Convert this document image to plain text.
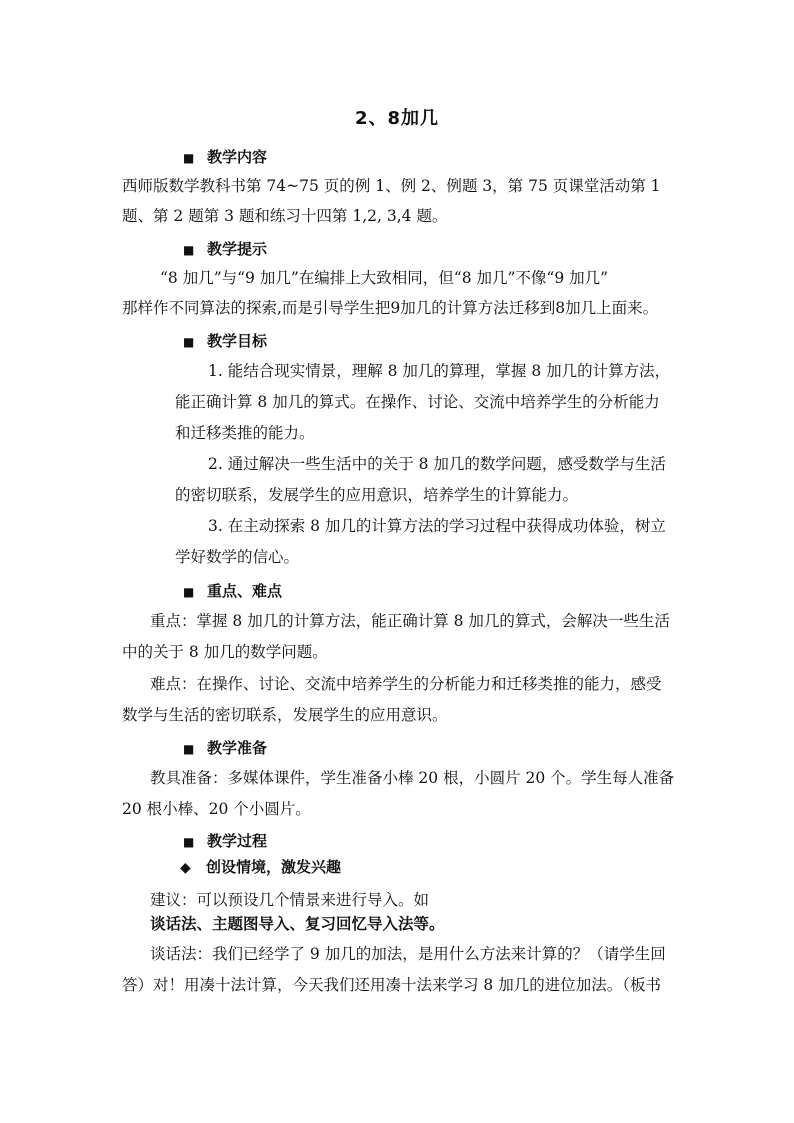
2、8加几
■ 教学内容
西师版数学教科书第 74~75 页的例 1、例 2、例题 3，第 75 页课堂活动第 1
题、第 2 题第 3 题和练习十四第 1,2, 3,4 题。
■ 教学提示
“8 加几”与“9 加几”在编排上大致相同，但“8 加几”不像“9 加几”
那样作不同算法的探索,而是引导学生把9加几的计算方法迁移到8加几上面来。
■ 教学目标
1. 能结合现实情景，理解 8 加几的算理，掌握 8 加几的计算方法，
能正确计算 8 加几的算式。在操作、讨论、交流中培养学生的分析能力
和迁移类推的能力。
2. 通过解决一些生活中的关于 8 加几的数学问题，感受数学与生活
的密切联系，发展学生的应用意识，培养学生的计算能力。
3. 在主动探索 8 加几的计算方法的学习过程中获得成功体验，树立
学好数学的信心。
■ 重点、难点
重点：掌握 8 加几的计算方法，能正确计算 8 加几的算式，会解决一些生活
中的关于 8 加几的数学问题。
难点：在操作、讨论、交流中培养学生的分析能力和迁移类推的能力，感受
数学与生活的密切联系，发展学生的应用意识。
■ 教学准备
教具准备：多媒体课件，学生准备小棒 20 根，小圆片 20 个。学生每人准备
20 根小棒、20 个小圆片。
■ 教学过程
◆ 创设情境，激发兴趣
建议：可以预设几个情景来进行导入。如
谈话法、主题图导入、复习回忆导入法等。
谈话法：我们已经学了 9 加几的加法，是用什么方法来计算的？（请学生回
答）对！用凑十法计算，今天我们还用凑十法来学习 8 加几的进位加法。（板书
